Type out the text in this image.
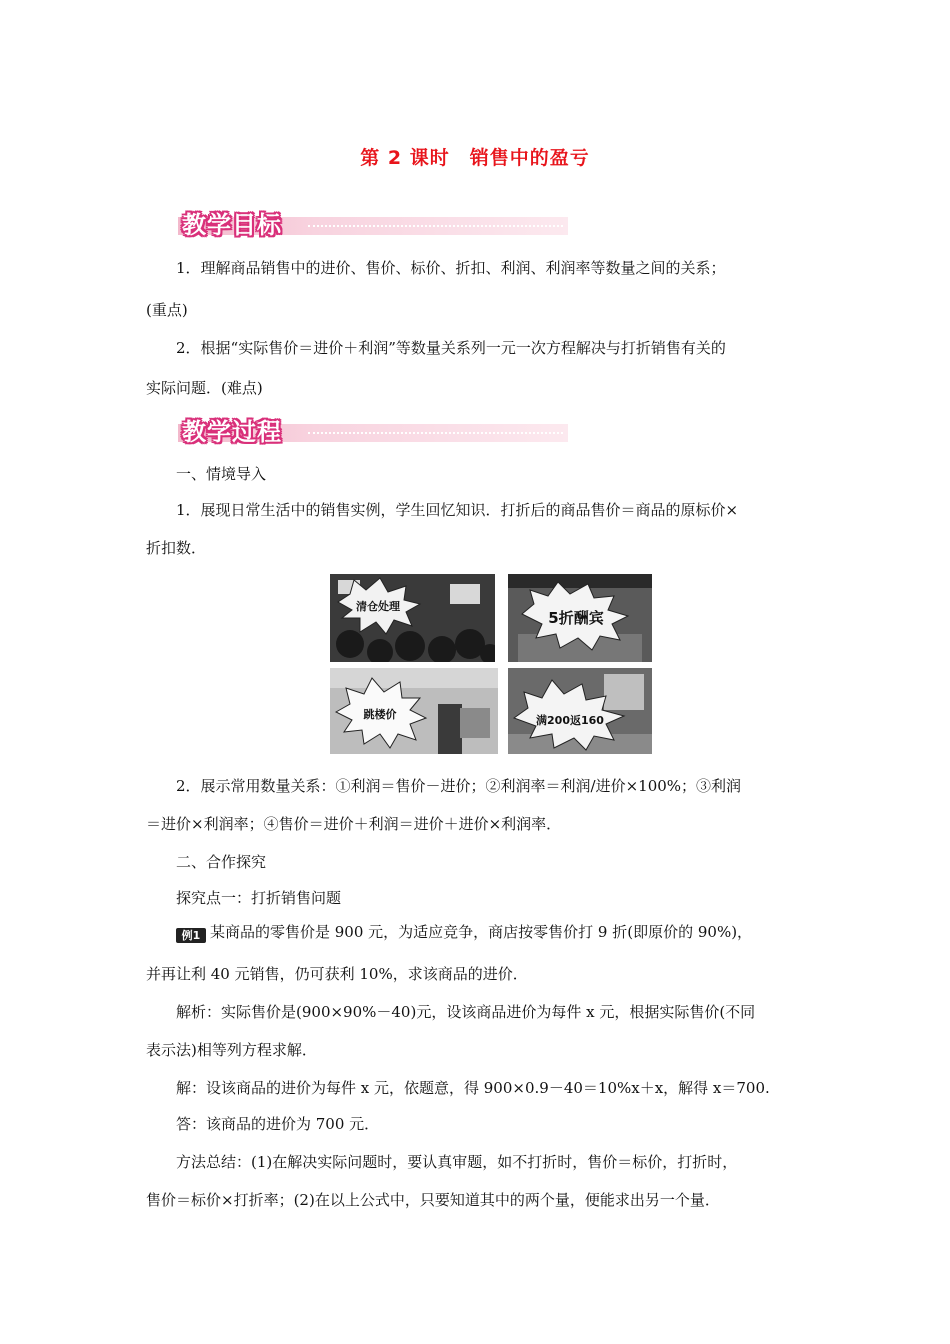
第 2 课时　销售中的盈亏
教学目标
1．理解商品销售中的进价、售价、标价、折扣、利润、利润率等数量之间的关系；
(重点)
2．根据“实际售价＝进价＋利润”等数量关系列一元一次方程解决与打折销售有关的
实际问题．(难点)
教学过程
一、情境导入
1．展现日常生活中的销售实例，学生回忆知识．打折后的商品售价＝商品的原标价×
折扣数．
清仓处理
5折酬宾
跳楼价	满200返160
2．展示常用数量关系：①利润＝售价－进价；②利润率＝利润/进价×100%；③利润
＝进价×利润率；④售价＝进价＋利润＝进价＋进价×利润率．
二、合作探究
探究点一：打折销售问题
例1 某商品的零售价是 900 元，为适应竞争，商店按零售价打 9 折(即原价的 90%)，
并再让利 40 元销售，仍可获利 10%，求该商品的进价．
解析：实际售价是(900×90%－40)元，设该商品进价为每件 x 元，根据实际售价(不同
表示法)相等列方程求解．
解：设该商品的进价为每件 x 元，依题意，得 900×0.9－40＝10%x＋x，解得 x＝700.
答：该商品的进价为 700 元．
方法总结：(1)在解决实际问题时，要认真审题，如不打折时，售价＝标价，打折时，
售价＝标价×打折率；(2)在以上公式中，只要知道其中的两个量，便能求出另一个量．
